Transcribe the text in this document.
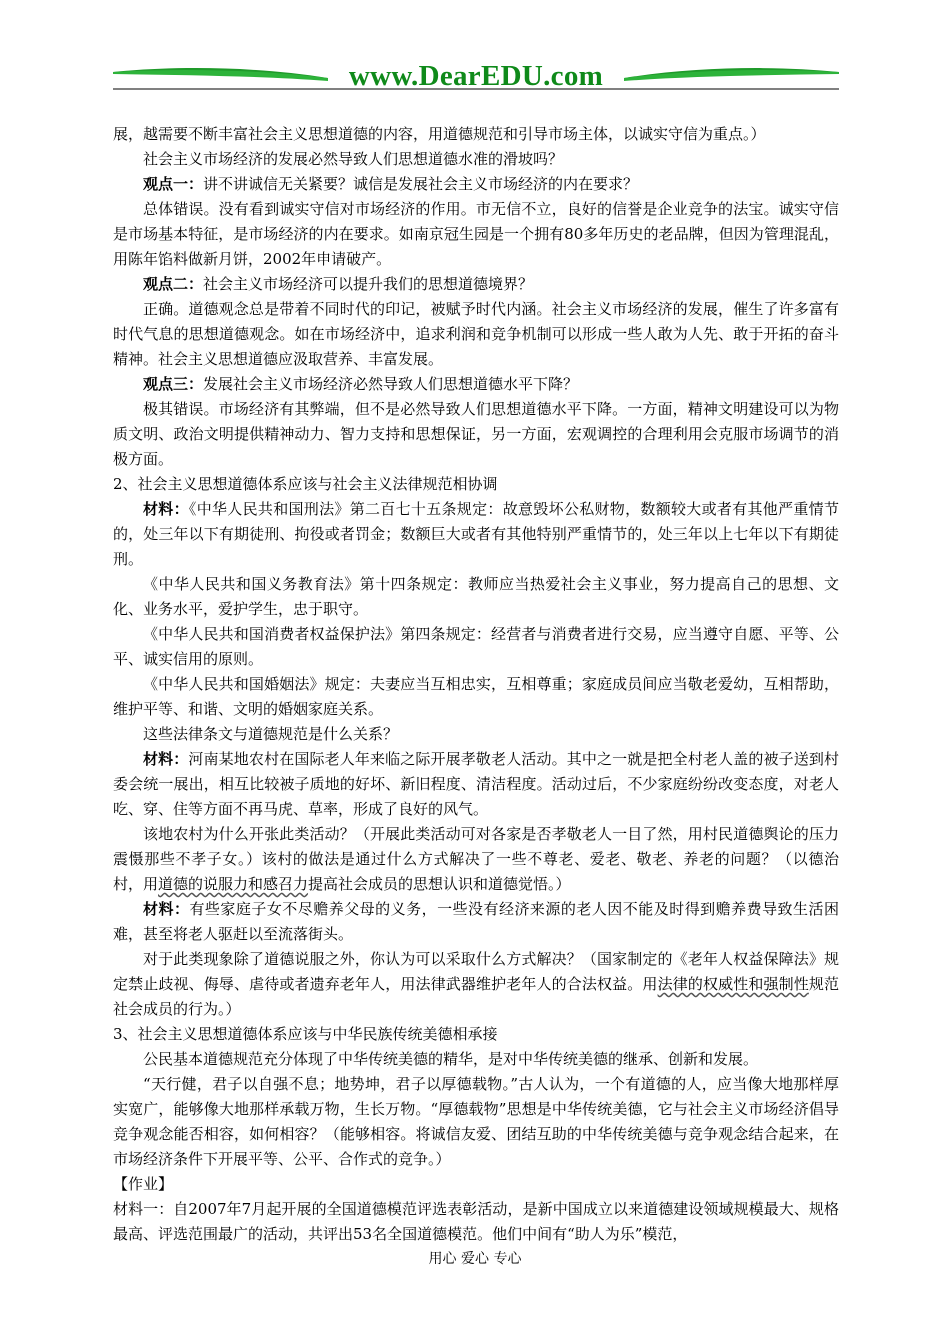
www.DearEDU.com

展，越需要不断丰富社会主义思想道德的内容，用道德规范和引导市场主体，以诚实守信为重点。）

社会主义市场经济的发展必然导致人们思想道德水准的滑坡吗？

观点一：讲不讲诚信无关紧要？诚信是发展社会主义市场经济的内在要求？

总体错误。没有看到诚实守信对市场经济的作用。市无信不立，良好的信誉是企业竞争的法宝。诚实守信是市场基本特征，是市场经济的内在要求。如南京冠生园是一个拥有80多年历史的老品牌，但因为管理混乱，用陈年馅料做新月饼，2002年申请破产。

观点二：社会主义市场经济可以提升我们的思想道德境界？

正确。道德观念总是带着不同时代的印记，被赋予时代内涵。社会主义市场经济的发展，催生了许多富有时代气息的思想道德观念。如在市场经济中，追求利润和竞争机制可以形成一些人敢为人先、敢于开拓的奋斗精神。社会主义思想道德应汲取营养、丰富发展。

观点三：发展社会主义市场经济必然导致人们思想道德水平下降？

极其错误。市场经济有其弊端，但不是必然导致人们思想道德水平下降。一方面，精神文明建设可以为物质文明、政治文明提供精神动力、智力支持和思想保证，另一方面，宏观调控的合理利用会克服市场调节的消极方面。

2、社会主义思想道德体系应该与社会主义法律规范相协调

材料：《中华人民共和国刑法》第二百七十五条规定：故意毁坏公私财物，数额较大或者有其他严重情节的，处三年以下有期徒刑、拘役或者罚金；数额巨大或者有其他特别严重情节的，处三年以上七年以下有期徒刑。

《中华人民共和国义务教育法》第十四条规定：教师应当热爱社会主义事业，努力提高自己的思想、文化、业务水平，爱护学生，忠于职守。

《中华人民共和国消费者权益保护法》第四条规定：经营者与消费者进行交易，应当遵守自愿、平等、公平、诚实信用的原则。

《中华人民共和国婚姻法》规定：夫妻应当互相忠实，互相尊重；家庭成员间应当敬老爱幼，互相帮助，维护平等、和谐、文明的婚姻家庭关系。

这些法律条文与道德规范是什么关系？

材料：河南某地农村在国际老人年来临之际开展孝敬老人活动。其中之一就是把全村老人盖的被子送到村委会统一展出，相互比较被子质地的好坏、新旧程度、清洁程度。活动过后，不少家庭纷纷改变态度，对老人吃、穿、住等方面不再马虎、草率，形成了良好的风气。

该地农村为什么开张此类活动？（开展此类活动可对各家是否孝敬老人一目了然，用村民道德舆论的压力震慑那些不孝子女。）该村的做法是通过什么方式解决了一些不尊老、爱老、敬老、养老的问题？（以德治村，用道德的说服力和感召力提高社会成员的思想认识和道德觉悟。）

材料：有些家庭子女不尽赡养父母的义务，一些没有经济来源的老人因不能及时得到赡养费导致生活困难，甚至将老人驱赶以至流落街头。

对于此类现象除了道德说服之外，你认为可以采取什么方式解决？（国家制定的《老年人权益保障法》规定禁止歧视、侮辱、虐待或者遗弃老年人，用法律武器维护老年人的合法权益。用法律的权威性和强制性规范社会成员的行为。）

3、社会主义思想道德体系应该与中华民族传统美德相承接

公民基本道德规范充分体现了中华传统美德的精华，是对中华传统美德的继承、创新和发展。

“天行健，君子以自强不息；地势坤，君子以厚德载物。”古人认为，一个有道德的人，应当像大地那样厚实宽广，能够像大地那样承载万物，生长万物。“厚德载物”思想是中华传统美德，它与社会主义市场经济倡导竞争观念能否相容，如何相容？（能够相容。将诚信友爱、团结互助的中华传统美德与竞争观念结合起来，在市场经济条件下开展平等、公平、合作式的竞争。）

【作业】

材料一：自2007年7月起开展的全国道德模范评选表彰活动，是新中国成立以来道德建设领域规模最大、规格最高、评选范围最广的活动，共评出53名全国道德模范。他们中间有“助人为乐”模范，

用心 爱心 专心
